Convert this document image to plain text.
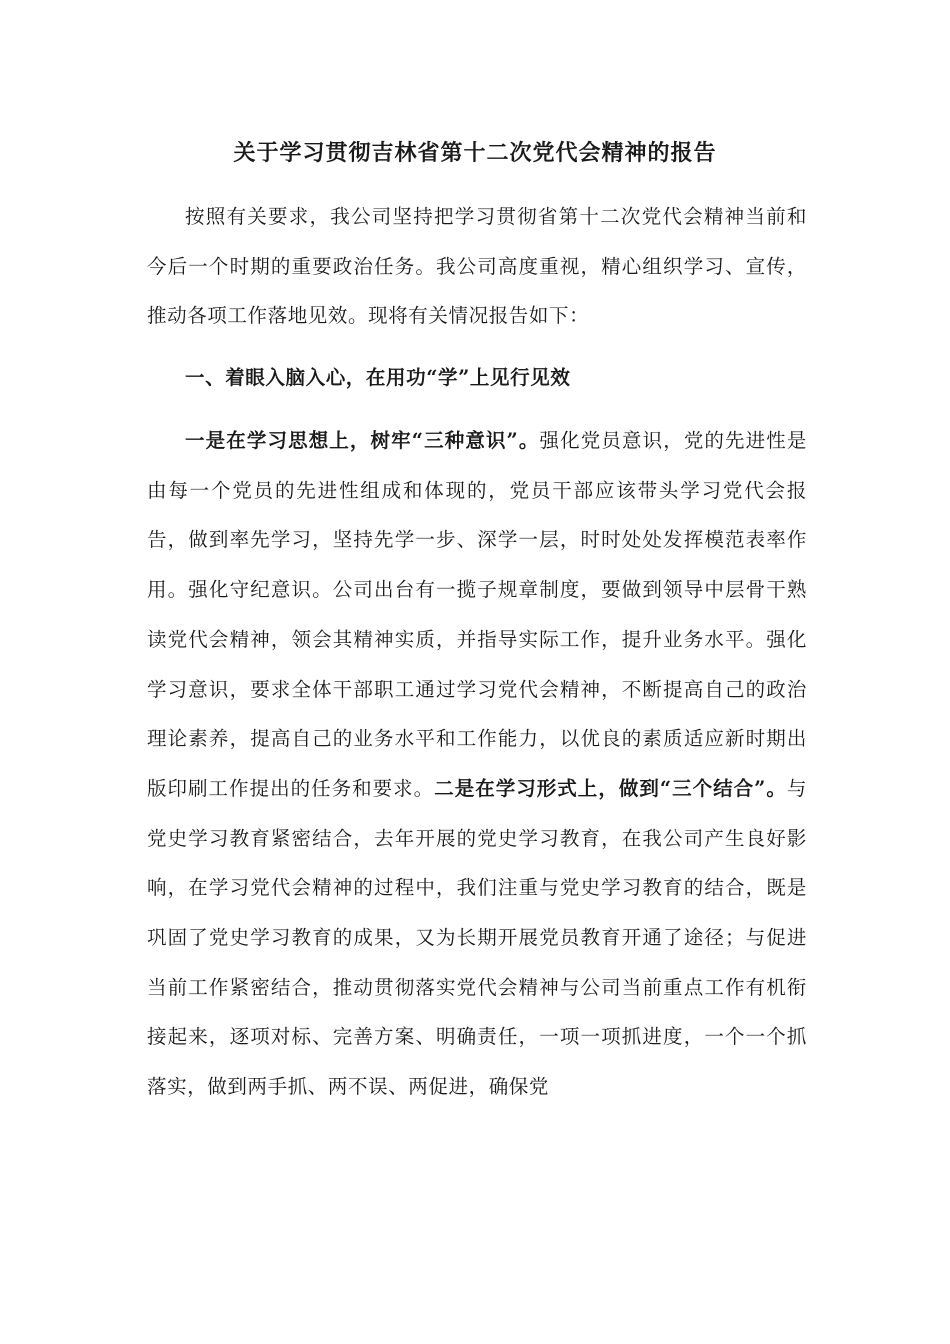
关于学习贯彻吉林省第十二次党代会精神的报告

按照有关要求，我公司坚持把学习贯彻省第十二次党代会精神当前和今后一个时期的重要政治任务。我公司高度重视，精心组织学习、宣传，推动各项工作落地见效。现将有关情况报告如下：

一、着眼入脑入心，在用功“学”上见行见效

一是在学习思想上，树牢“三种意识”。强化党员意识，党的先进性是由每一个党员的先进性组成和体现的，党员干部应该带头学习党代会报告，做到率先学习，坚持先学一步、深学一层，时时处处发挥模范表率作用。强化守纪意识。公司出台有一揽子规章制度，要做到领导中层骨干熟读党代会精神，领会其精神实质，并指导实际工作，提升业务水平。强化学习意识，要求全体干部职工通过学习党代会精神，不断提高自己的政治理论素养，提高自己的业务水平和工作能力，以优良的素质适应新时期出版印刷工作提出的任务和要求。二是在学习形式上，做到“三个结合”。与党史学习教育紧密结合，去年开展的党史学习教育，在我公司产生良好影响，在学习党代会精神的过程中，我们注重与党史学习教育的结合，既是巩固了党史学习教育的成果，又为长期开展党员教育开通了途径；与促进当前工作紧密结合，推动贯彻落实党代会精神与公司当前重点工作有机衔接起来，逐项对标、完善方案、明确责任，一项一项抓进度，一个一个抓落实，做到两手抓、两不误、两促进，确保党
